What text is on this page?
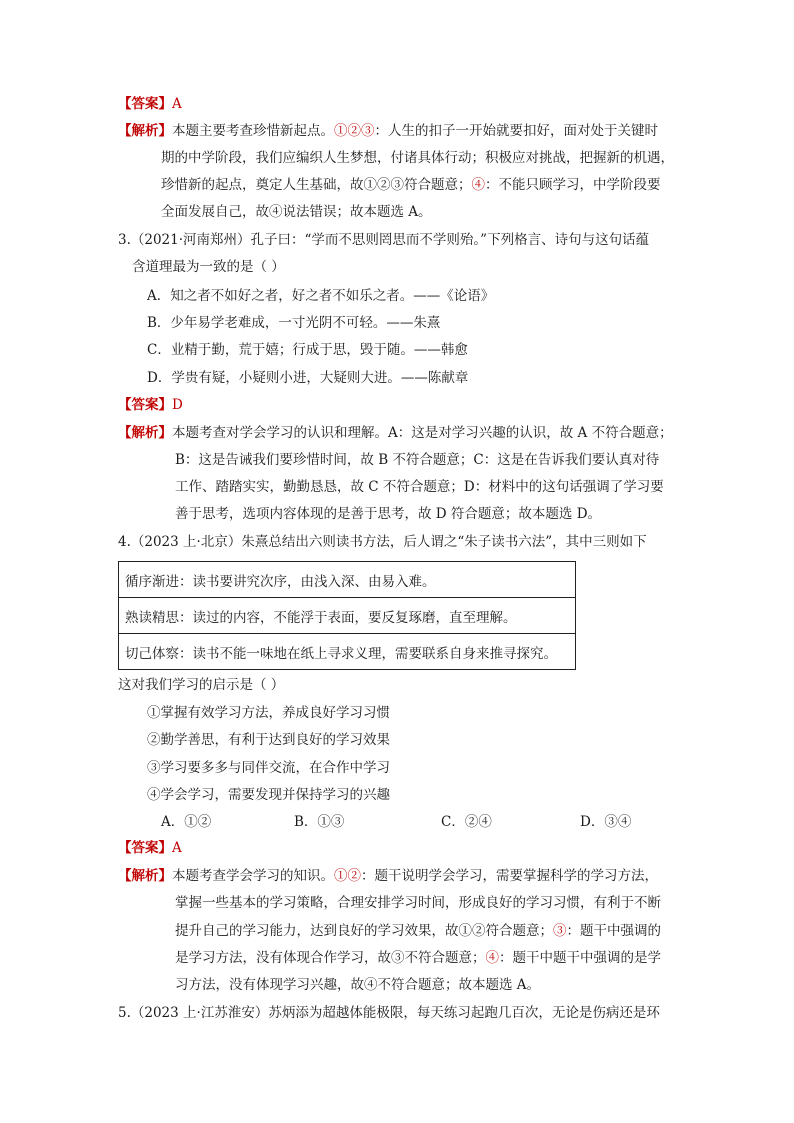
【答案】A
【解析】本题主要考查珍惜新起点。①②③：人生的扣子一开始就要扣好，面对处于关键时
期的中学阶段，我们应编织人生梦想，付诸具体行动；积极应对挑战，把握新的机遇，
珍惜新的起点，奠定人生基础，故①②③符合题意；④：不能只顾学习，中学阶段要
全面发展自己，故④说法错误；故本题选 A。
3.（2021·河南郑州）孔子曰：“学而不思则罔思而不学则殆。”下列格言、诗句与这句话蕴
含道理最为一致的是（ ）
A．知之者不如好之者，好之者不如乐之者。——《论语》
B．少年易学老难成，一寸光阴不可轻。——朱熹
C．业精于勤，荒于嬉；行成于思，毁于随。——韩愈
D．学贵有疑，小疑则小进，大疑则大进。——陈献章
【答案】D
【解析】本题考查对学会学习的认识和理解。A：这是对学习兴趣的认识，故 A 不符合题意；
B：这是告诫我们要珍惜时间，故 B 不符合题意；C：这是在告诉我们要认真对待
工作、踏踏实实，勤勤恳恳，故 C 不符合题意；D：材料中的这句话强调了学习要
善于思考，选项内容体现的是善于思考，故 D 符合题意；故本题选 D。
4.（2023 上·北京）朱熹总结出六则读书方法，后人谓之“朱子读书六法”，其中三则如下
循序渐进：读书要讲究次序，由浅入深、由易入难。
熟读精思：读过的内容，不能浮于表面，要反复琢磨，直至理解。
切己体察：读书不能一味地在纸上寻求义理，需要联系自身来推寻探究。
这对我们学习的启示是（ ）
①掌握有效学习方法，养成良好学习习惯
②勤学善思，有利于达到良好的学习效果
③学习要多多与同伴交流，在合作中学习
④学会学习，需要发现并保持学习的兴趣
A．①②	B．①③	C．②④	D．③④
【答案】A
【解析】本题考查学会学习的知识。①②：题干说明学会学习，需要掌握科学的学习方法，
掌握一些基本的学习策略，合理安排学习时间，形成良好的学习习惯，有利于不断
提升自己的学习能力，达到良好的学习效果，故①②符合题意；③：题干中强调的
是学习方法，没有体现合作学习，故③不符合题意；④：题干中题干中强调的是学
习方法，没有体现学习兴趣，故④不符合题意；故本题选 A。
5.（2023 上·江苏淮安）苏炳添为超越体能极限，每天练习起跑几百次，无论是伤病还是环
